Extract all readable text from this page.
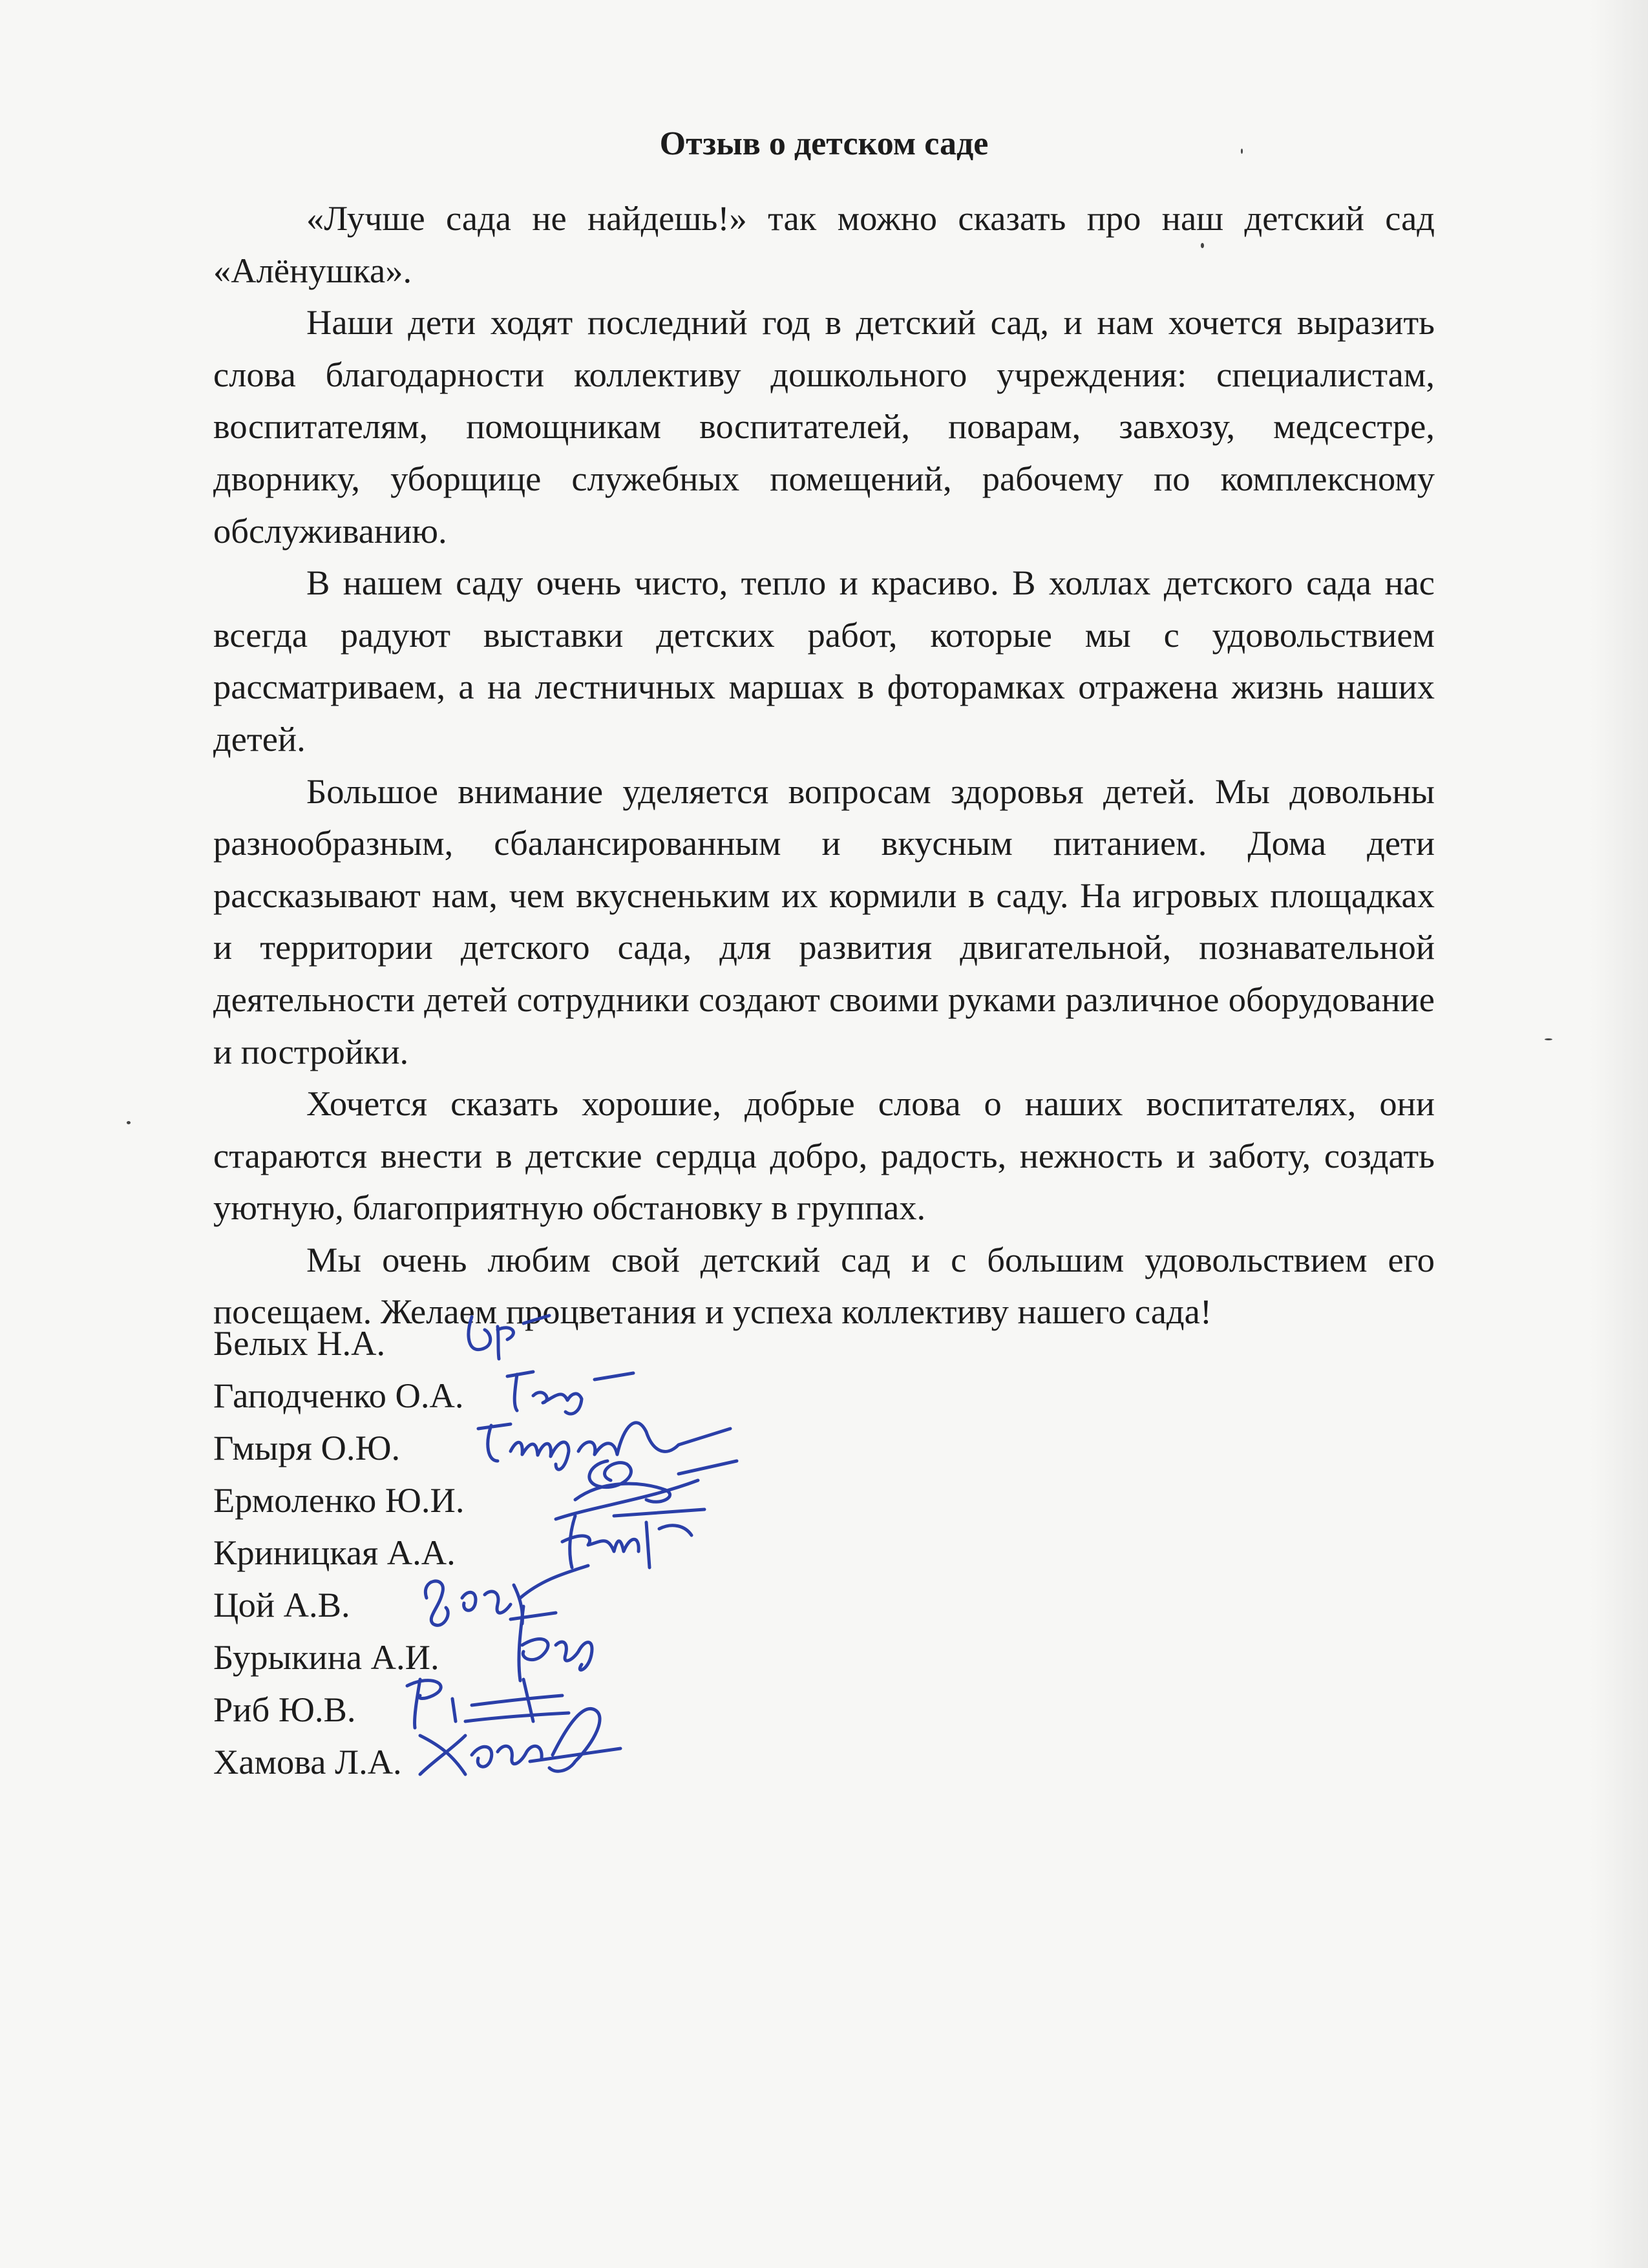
Отзыв о детском саде

«Лучше сада не найдешь!» так можно сказать про наш детский сад «Алёнушка».

Наши дети ходят последний год в детский сад, и нам хочется выразить слова благодарности коллективу дошкольного учреждения: специалистам, воспитателям, помощникам воспитателей, поварам, завхозу, медсестре, дворнику, уборщице служебных помещений, рабочему по комплексному обслуживанию.

В нашем саду очень чисто, тепло и красиво. В холлах детского сада нас всегда радуют выставки детских работ, которые мы с удовольствием рассматриваем, а на лестничных маршах в фоторамках отражена жизнь наших детей.

Большое внимание уделяется вопросам здоровья детей. Мы довольны разнообразным, сбалансированным и вкусным питанием. Дома дети рассказывают нам, чем вкусненьким их кормили в саду. На игровых площадках и территории детского сада, для развития двигательной, познавательной деятельности детей сотрудники создают своими руками различное оборудование и постройки.

Хочется сказать хорошие, добрые слова о наших воспитателях, они стараются внести в детские сердца добро, радость, нежность и заботу, создать уютную, благоприятную обстановку в группах.

Мы очень любим свой детский сад и с большим удовольствием его посещаем. Желаем процветания и успеха коллективу нашего сада!

Белых Н.А.
Гаподченко О.А.
Гмыря О.Ю.
Ермоленко Ю.И.
Криницкая А.А.
Цой А.В.
Бурыкина А.И.
Риб Ю.В.
Хамова Л.А.
